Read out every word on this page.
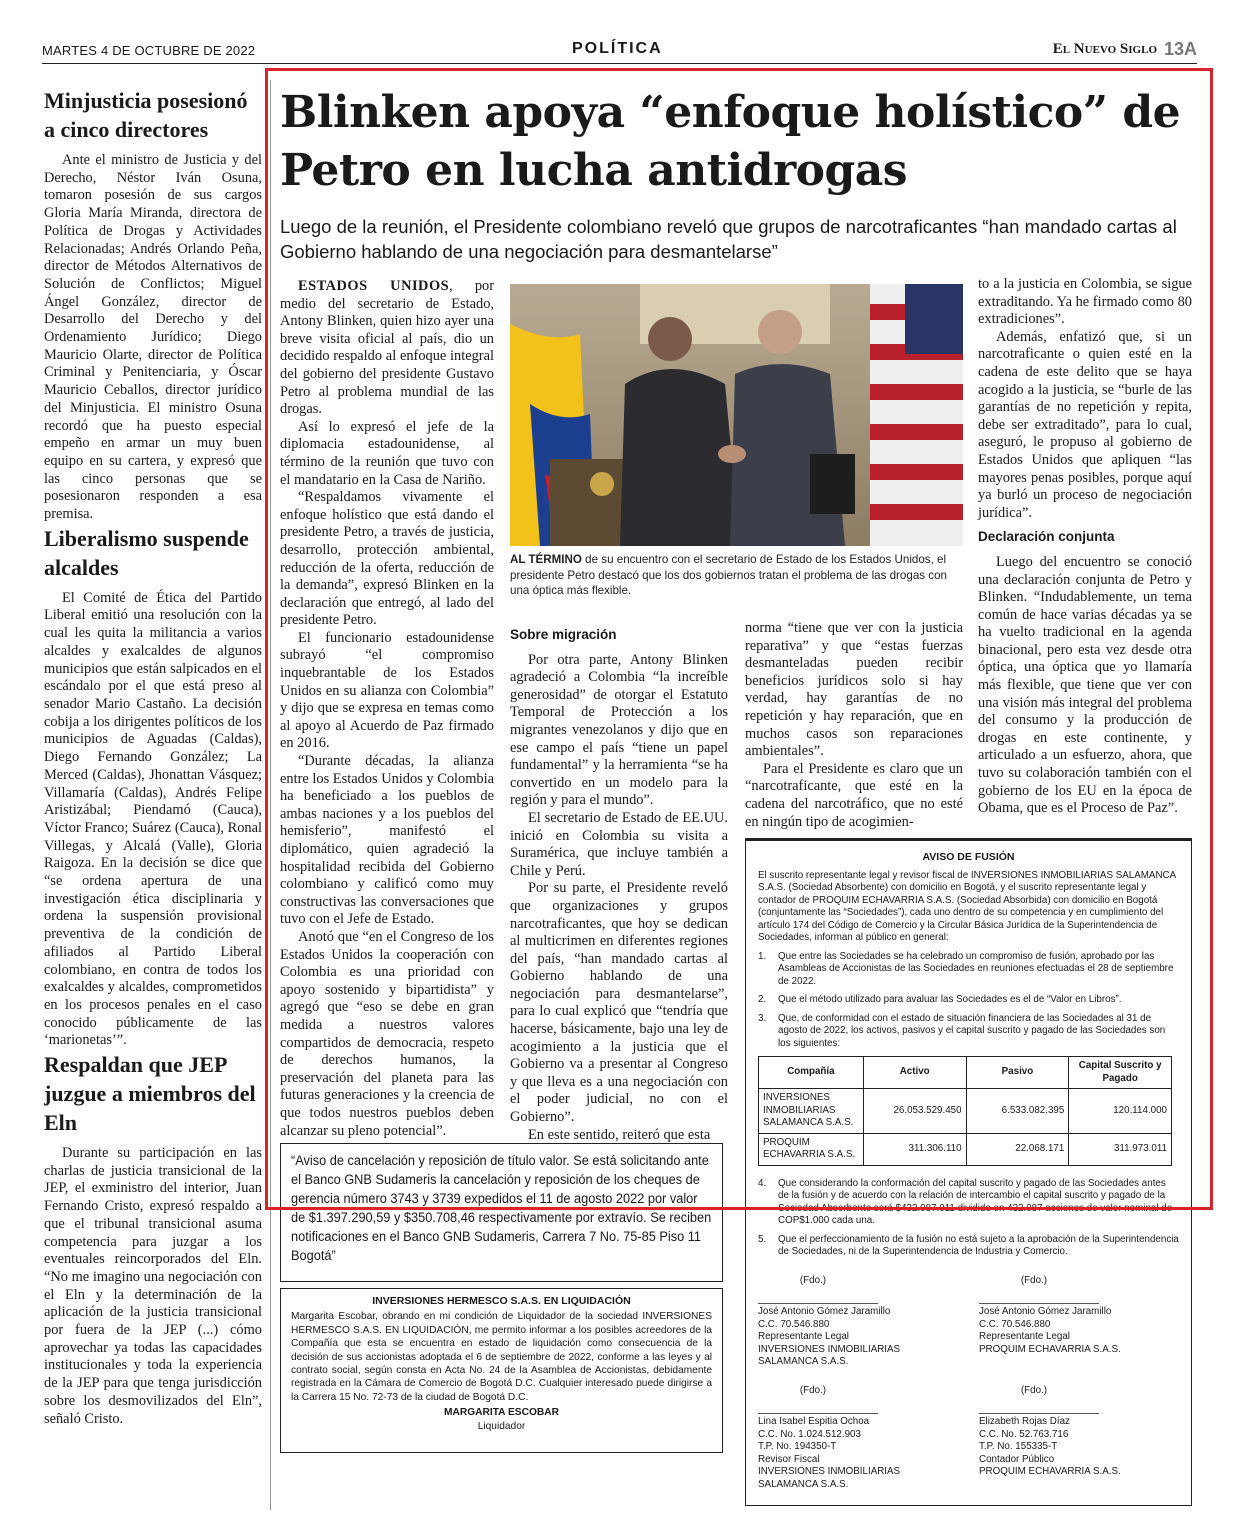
MARTES 4 DE OCTUBRE DE 2022	POLÍTICA	El Nuevo Siglo 13A
Minjusticia posesionó a cinco directores

Ante el ministro de Justicia y del Derecho, Néstor Iván Osuna, tomaron posesión de sus cargos Gloria María Miranda, directora de Política de Drogas y Actividades Relacionadas; Andrés Orlando Peña, director de Métodos Alternativos de Solución de Conflictos; Miguel Ángel González, director de Desarrollo del Derecho y del Ordenamiento Jurídico; Diego Mauricio Olarte, director de Política Criminal y Penitenciaria, y Óscar Mauricio Ceballos, director jurídico del Minjusticia. El ministro Osuna recordó que ha puesto especial empeño en armar un muy buen equipo en su cartera, y expresó que las cinco personas que se posesionaron responden a esa premisa.

Liberalismo suspende alcaldes

El Comité de Ética del Partido Liberal emitió una resolución con la cual les quita la militancia a varios alcaldes y exalcaldes de algunos municipios que están salpicados en el escándalo por el que está preso al senador Mario Castaño. La decisión cobija a los dirigentes políticos de los municipios de Aguadas (Caldas), Diego Fernando González; La Merced (Caldas), Jhonattan Vásquez; Villamaría (Caldas), Andrés Felipe Aristizábal; Piendamó (Cauca), Víctor Franco; Suárez (Cauca), Ronal Villegas, y Alcalá (Valle), Gloria Raigoza. En la decisión se dice que “se ordena apertura de una investigación ética disciplinaria y ordena la suspensión provisional preventiva de la condición de afiliados al Partido Liberal colombiano, en contra de todos los exalcaldes y alcaldes, comprometidos en los procesos penales en el caso conocido públicamente de las ‘marionetas’”.

Respaldan que JEP juzgue a miembros del Eln

Durante su participación en las charlas de justicia transicional de la JEP, el exministro del interior, Juan Fernando Cristo, expresó respaldo a que el tribunal transicional asuma competencia para juzgar a los eventuales reincorporados del Eln. “No me imagino una negociación con el Eln y la determinación de la aplicación de la justicia transicional por fuera de la JEP (...) cómo aprovechar ya todas las capacidades institucionales y toda la experiencia de la JEP para que tenga jurisdicción sobre los desmovilizados del Eln”, señaló Cristo.

Blinken apoya “enfoque holístico” de Petro en lucha antidrogas
Luego de la reunión, el Presidente colombiano reveló que grupos de narcotraficantes “han mandado cartas al Gobierno hablando de una negociación para desmantelarse”

ESTADOS UNIDOS, por medio del secretario de Estado, Antony Blinken, quien hizo ayer una breve visita oficial al país, dio un decidido respaldo al enfoque integral del gobierno del presidente Gustavo Petro al problema mundial de las drogas.

Así lo expresó el jefe de la diplomacia estadounidense, al término de la reunión que tuvo con el mandatario en la Casa de Nariño.

“Respaldamos vivamente el enfoque holístico que está dando el presidente Petro, a través de justicia, desarrollo, protección ambiental, reducción de la oferta, reducción de la demanda”, expresó Blinken en la declaración que entregó, al lado del presidente Petro.

El funcionario estadounidense subrayó “el compromiso inquebrantable de los Estados Unidos en su alianza con Colombia” y dijo que se expresa en temas como al apoyo al Acuerdo de Paz firmado en 2016.

“Durante décadas, la alianza entre los Estados Unidos y Colombia ha beneficiado a los pueblos de ambas naciones y a los pueblos del hemisferio”, manifestó el diplomático, quien agradeció la hospitalidad recibida del Gobierno colombiano y calificó como muy constructivas las conversaciones que tuvo con el Jefe de Estado.

Anotó que “en el Congreso de los Estados Unidos la cooperación con Colombia es una prioridad con apoyo sostenido y bipartidista” y agregó que “eso se debe en gran medida a nuestros valores compartidos de democracia, respeto de derechos humanos, la preservación del planeta para las futuras generaciones y la creencia de que todos nuestros pueblos deben alcanzar su pleno potencial”.

AL TÉRMINO de su encuentro con el secretario de Estado de los Estados Unidos, el presidente Petro destacó que los dos gobiernos tratan el problema de las drogas con una óptica más flexible.
Sobre migración

Por otra parte, Antony Blinken agradeció a Colombia “la increíble generosidad” de otorgar el Estatuto Temporal de Protección a los migrantes venezolanos y dijo que en ese campo el país “tiene un papel fundamental” y la herramienta “se ha convertido en un modelo para la región y para el mundo”.

El secretario de Estado de EE.UU. inició en Colombia su visita a Suramérica, que incluye también a Chile y Perú.

Por su parte, el Presidente reveló que organizaciones y grupos narcotraficantes, que hoy se dedican al multicrimen en diferentes regiones del país, “han mandado cartas al Gobierno hablando de una negociación para desmantelarse”, para lo cual explicó que “tendría que hacerse, básicamente, bajo una ley de acogimiento a la justicia que el Gobierno va a presentar al Congreso y que lleva es a una negociación con el poder judicial, no con el Gobierno”.

En este sentido, reiteró que esta

norma “tiene que ver con la justicia reparativa” y que “estas fuerzas desmanteladas pueden recibir beneficios jurídicos solo si hay verdad, hay garantías de no repetición y hay reparación, que en muchos casos son reparaciones ambientales”.

Para el Presidente es claro que un “narcotraficante, que esté en la cadena del narcotráfico, que no esté en ningún tipo de acogimien-

to a la justicia en Colombia, se sigue extraditando. Ya he firmado como 80 extradiciones”.

Además, enfatizó que, si un narcotraficante o quien esté en la cadena de este delito que se haya acogido a la justicia, se “burle de las garantías de no repetición y repita, debe ser extraditado”, para lo cual, aseguró, le propuso al gobierno de Estados Unidos que apliquen “las mayores penas posibles, porque aquí ya burló un proceso de negociación jurídica”.

Declaración conjunta

Luego del encuentro se conoció una declaración conjunta de Petro y Blinken. “Indudablemente, un tema común de hace varias décadas ya se ha vuelto tradicional en la agenda binacional, pero esta vez desde otra óptica, una óptica que yo llamaría más flexible, que tiene que ver con una visión más integral del problema del consumo y la producción de drogas en este continente, y articulado a un esfuerzo, ahora, que tuvo su colaboración también con el gobierno de los EU en la época de Obama, que es el Proceso de Paz”.

“Aviso de cancelación y reposición de título valor. Se está solicitando ante el Banco GNB Sudameris la cancelación y reposición de los cheques de gerencia número 3743 y 3739 expedidos el 11 de agosto 2022 por valor de $1.397.290,59 y $350.708,46 respectivamente por extravío. Se reciben notificaciones en el Banco GNB Sudameris, Carrera 7 No. 75-85 Piso 11 Bogotá”
INVERSIONES HERMESCO S.A.S. EN LIQUIDACIÓN
Margarita Escobar, obrando en mi condición de Liquidador de la sociedad INVERSIONES HERMESCO S.A.S. EN LIQUIDACIÓN, me permito informar a los posibles acreedores de la Compañía que esta se encuentra en estado de liquidación como consecuencia de la decisión de sus accionistas adoptada el 6 de septiembre de 2022, conforme a las leyes y al contrato social, según consta en Acta No. 24 de la Asamblea de Accionistas, debidamente registrada en la Cámara de Comercio de Bogotá D.C. Cualquier interesado puede dirigirse a la Carrera 15 No. 72-73 de la ciudad de Bogotá D.C.
MARGARITA ESCOBAR
Liquidador
AVISO DE FUSIÓN
El suscrito representante legal y revisor fiscal de INVERSIONES INMOBILIARIAS SALAMANCA S.A.S. (Sociedad Absorbente) con domicilio en Bogotá, y el suscrito representante legal y contador de PROQUIM ECHAVARRIA S.A.S. (Sociedad Absorbida) con domicilio en Bogotá (conjuntamente las “Sociedades”), cada uno dentro de su competencia y en cumplimiento del artículo 174 del Código de Comercio y la Circular Básica Jurídica de la Superintendencia de Sociedades, informan al público en general:
1.	Que entre las Sociedades se ha celebrado un compromiso de fusión, aprobado por las Asambleas de Accionistas de las Sociedades en reuniones efectuadas el 28 de septiembre de 2022.
2.	Que el método utilizado para avaluar las Sociedades es el de “Valor en Libros”.
3.	Que, de conformidad con el estado de situación financiera de las Sociedades al 31 de agosto de 2022, los activos, pasivos y el capital suscrito y pagado de las Sociedades son los siguientes:
Compañía	Activo	Pasivo	Capital Suscrito y Pagado
INVERSIONES INMOBILIARIAS SALAMANCA S.A.S.	26.053.529.450	6.533.082.395	120.114.000
PROQUIM ECHAVARRIA S.A.S.	311.306.110	22.068.171	311.973.011
4.	Que considerando la conformación del capital suscrito y pagado de las Sociedades antes de la fusión y de acuerdo con la relación de intercambio el capital suscrito y pagado de la Sociedad Absorbente será $432.087.011 dividido en 432.087 acciones de valor nominal de COP$1.000 cada una.
5.	Que el perfeccionamiento de la fusión no está sujeto a la aprobación de la Superintendencia de Sociedades, ni de la Superintendencia de Industria y Comercio.
(Fdo.)
José Antonio Gómez Jaramillo
C.C. 70.546.880
Representante Legal
INVERSIONES INMOBILIARIAS SALAMANCA S.A.S.
(Fdo.)
José Antonio Gómez Jaramillo
C.C. 70.546.880
Representante Legal
PROQUIM ECHAVARRIA S.A.S.
(Fdo.)
Lina Isabel Espitia Ochoa
C.C. No. 1.024.512.903
T.P. No. 194350-T
Revisor Fiscal
INVERSIONES INMOBILIARIAS SALAMANCA S.A.S.
(Fdo.)
Elizabeth Rojas Díaz
C.C. No. 52.763.716
T.P. No. 155335-T
Contador Público
PROQUIM ECHAVARRIA S.A.S.
